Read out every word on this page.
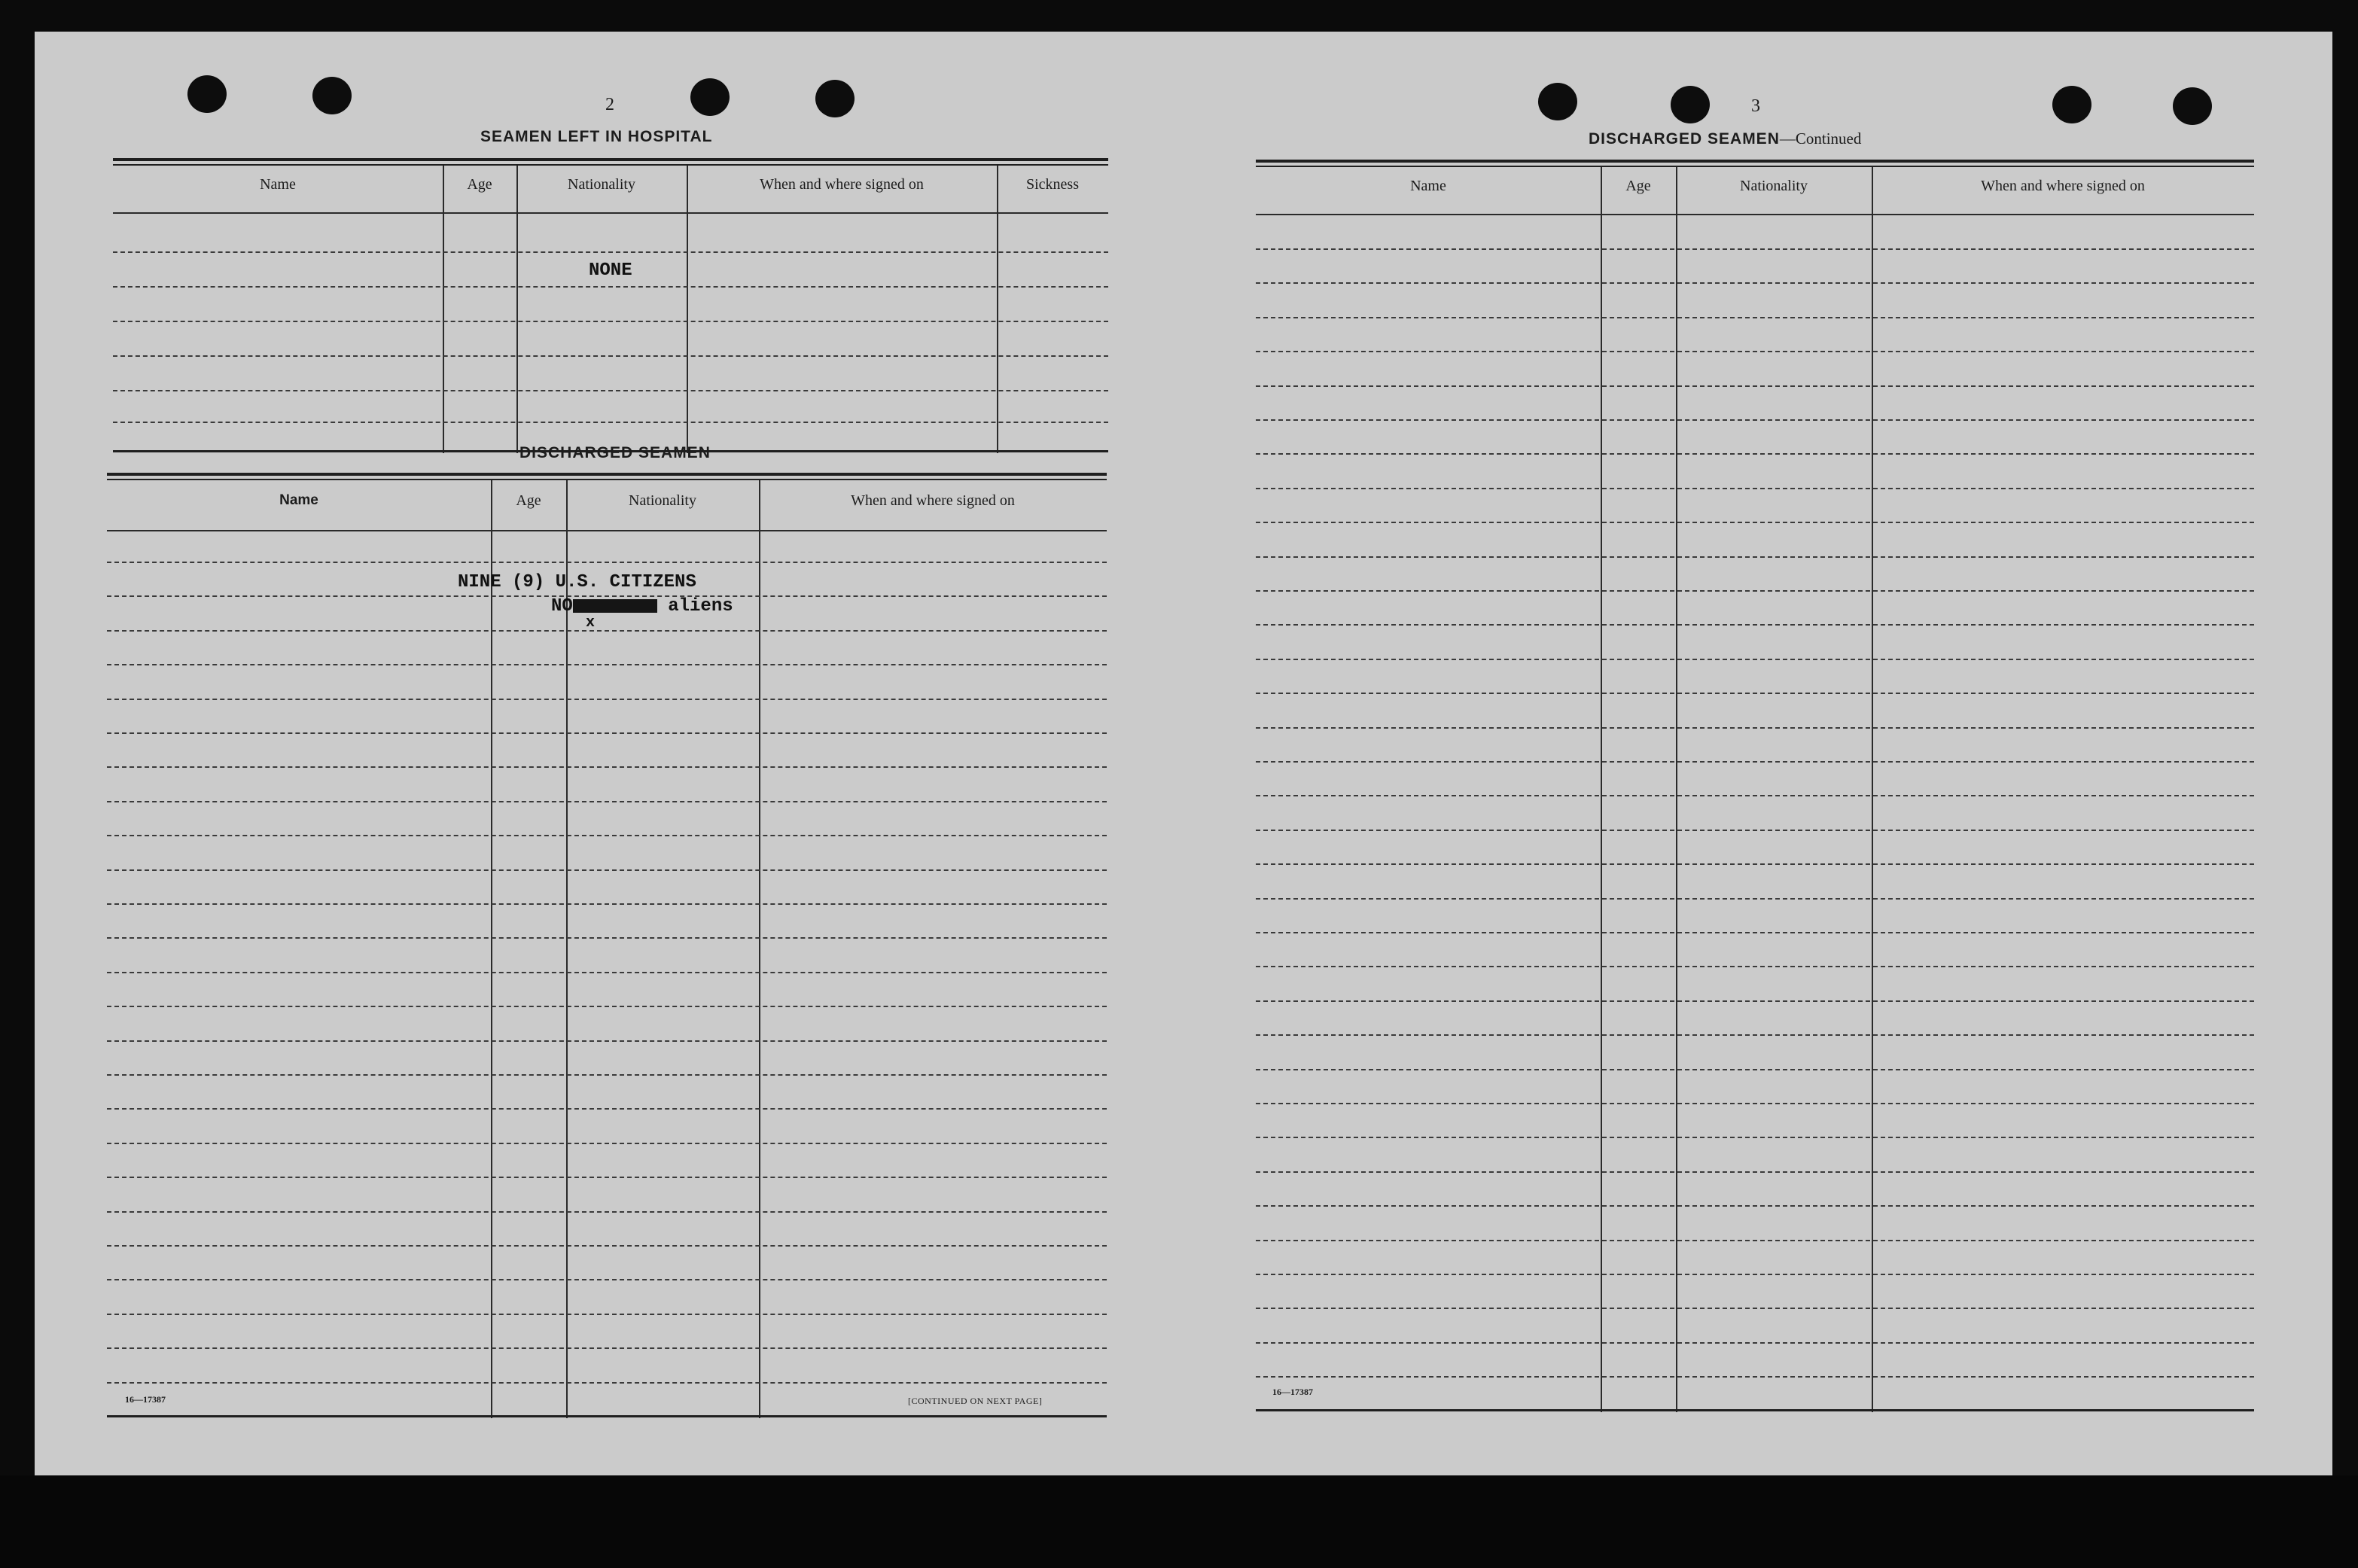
2
SEAMEN LEFT IN HOSPITAL
Name	Age	Nationality	When and where signed on	Sickness
NONE
DISCHARGED SEAMEN
Name	Age	Nationality	When and where signed on
NINE (9) U.S. CITIZENS
NO	aliens
x
16—17387	[CONTINUED ON NEXT PAGE]
3
DISCHARGED SEAMEN—Continued
Name	Age	Nationality	When and where signed on
16—17387
